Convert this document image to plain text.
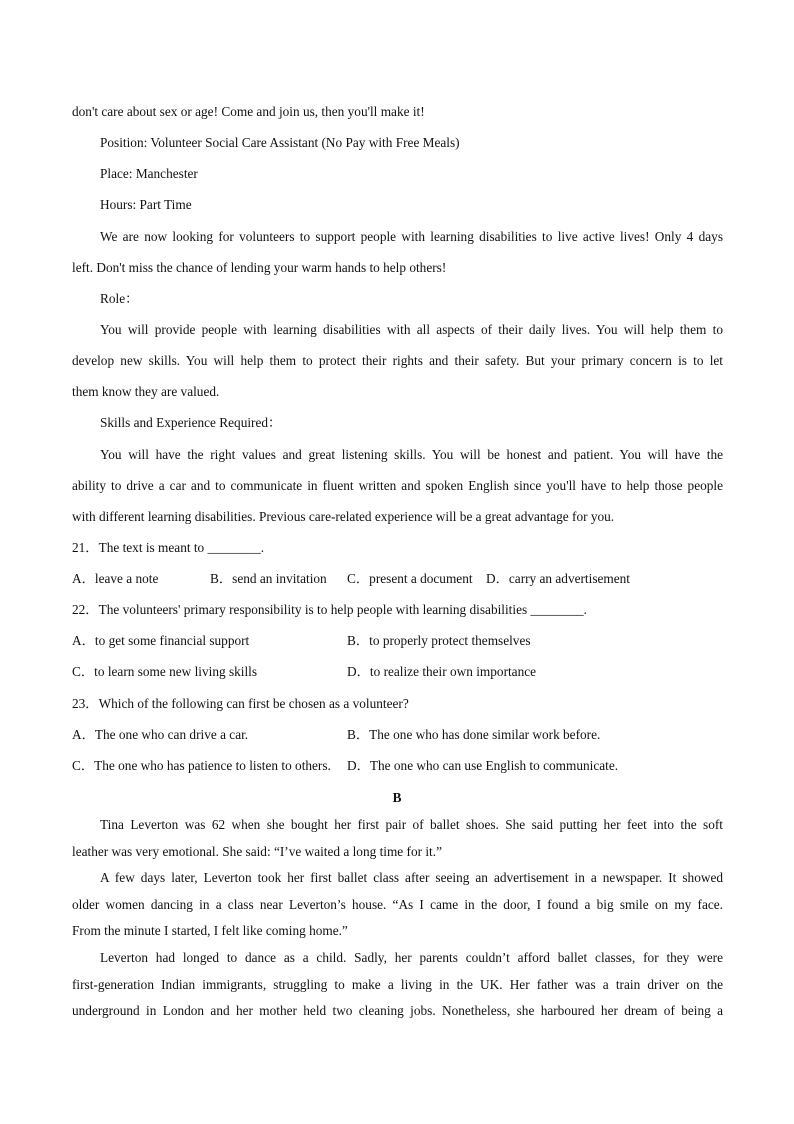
don't care about sex or age! Come and join us, then you'll make it!
Position: Volunteer Social Care Assistant (No Pay with Free Meals)
Place: Manchester
Hours: Part Time
We are now looking for volunteers to support people with learning disabilities to live active lives! Only 4 days
left. Don't miss the chance of lending your warm hands to help others!
Role：
You will provide people with learning disabilities with all aspects of their daily lives. You will help them to
develop new skills. You will help them to protect their rights and their safety. But your primary concern is to let
them know they are valued.
Skills and Experience Required：
You will have the right values and great listening skills. You will be honest and patient. You will have the
ability to drive a car and to communicate in fluent written and spoken English since you'll have to help those people
with different learning disabilities. Previous care-related experience will be a great advantage for you.
21．The text is meant to ________.
A．leave a note	B．send an invitation C．present a document D．carry an advertisement
22．The volunteers' primary responsibility is to help people with learning disabilities ________.
A．to get some financial support	B．to properly protect themselves
C．to learn some new living skills	D．to realize their own importance
23．Which of the following can first be chosen as a volunteer?
A．The one who can drive a car.	B．The one who has done similar work before.
C．The one who has patience to listen to others. D．The one who can use English to communicate.
B
Tina Leverton was 62 when she bought her first pair of ballet shoes. She said putting her feet into the soft
leather was very emotional. She said: “I’ve waited a long time for it.”
A few days later, Leverton took her first ballet class after seeing an advertisement in a newspaper. It showed
older women dancing in a class near Leverton’s house. “As I came in the door, I found a big smile on my face.
From the minute I started, I felt like coming home.”
Leverton had longed to dance as a child. Sadly, her parents couldn’t afford ballet classes, for they were
first-generation Indian immigrants, struggling to make a living in the UK. Her father was a train driver on the
underground in London and her mother held two cleaning jobs. Nonetheless, she harboured her dream of being a
